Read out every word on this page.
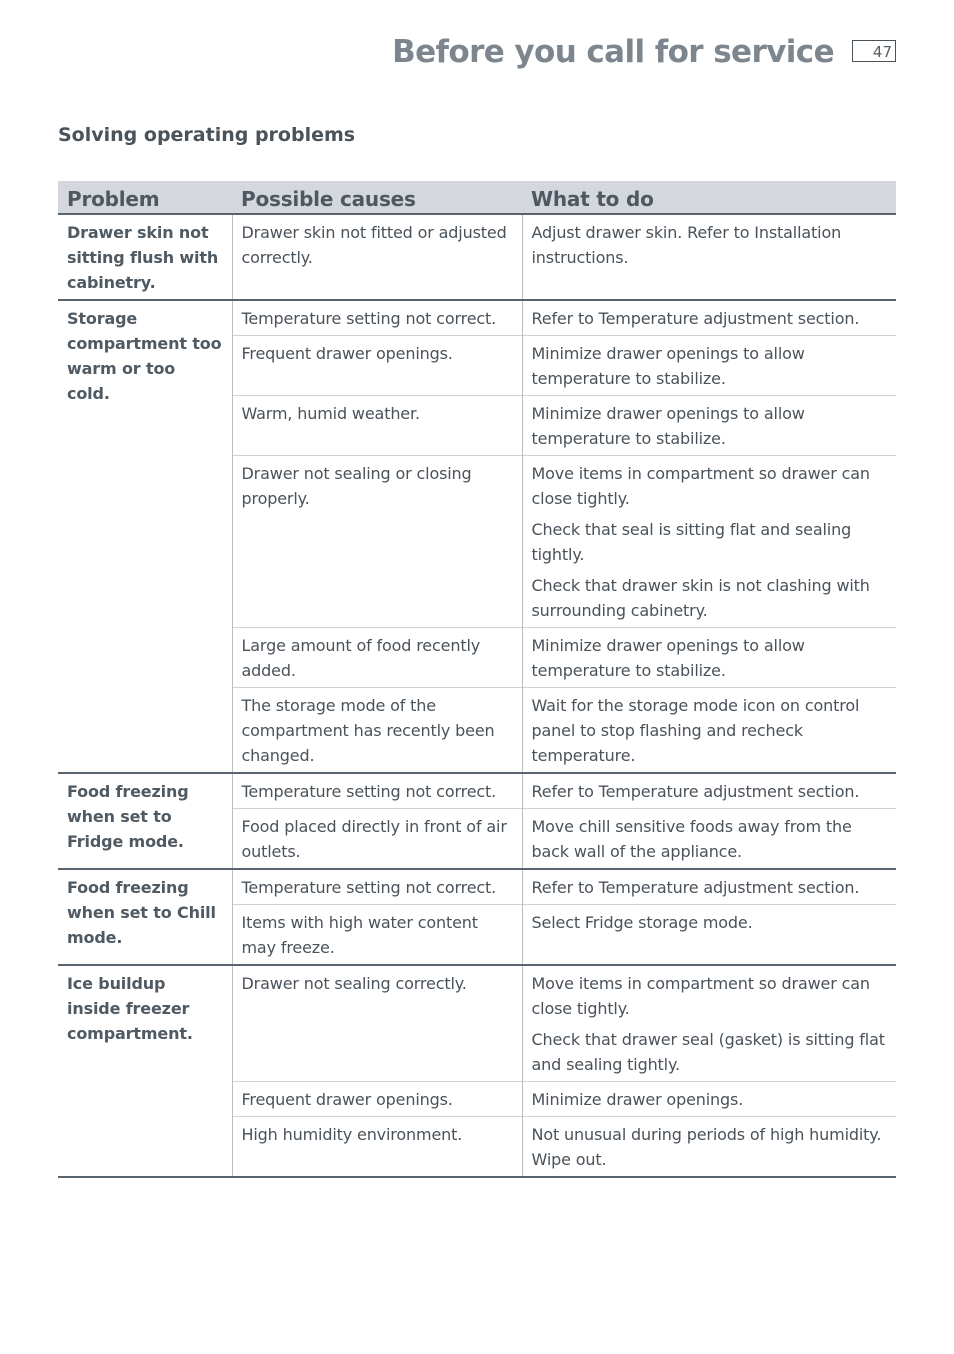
Before you call for service	47
Solving operating problems
Problem	Possible causes	What to do
Drawer skin not sitting flush with cabinetry.	Drawer skin not fitted or adjusted correctly.	Adjust drawer skin. Refer to Installation instructions.

Storage compartment too warm or too cold.	Temperature setting not correct.	Refer to Temperature adjustment section.

	Frequent drawer openings.	Minimize drawer openings to allow temperature to stabilize.

	Warm, humid weather.	Minimize drawer openings to allow temperature to stabilize.

	Drawer not sealing or closing properly.	Move items in compartment so drawer can close tightly.
Check that seal is sitting flat and sealing tightly.
Check that drawer skin is not clashing with surrounding cabinetry.

	Large amount of food recently added.	Minimize drawer openings to allow temperature to stabilize.

	The storage mode of the compartment has recently been changed.	Wait for the storage mode icon on control panel to stop flashing and recheck temperature.

Food freezing when set to Fridge mode.	Temperature setting not correct.	Refer to Temperature adjustment section.

	Food placed directly in front of air outlets.	Move chill sensitive foods away from the back wall of the appliance.

Food freezing when set to Chill mode.	Temperature setting not correct.	Refer to Temperature adjustment section.

	Items with high water content may freeze.	Select Fridge storage mode.

Ice buildup inside freezer compartment.	Drawer not sealing correctly.	Move items in compartment so drawer can close tightly.
Check that drawer seal (gasket) is sitting flat and sealing tightly.

	Frequent drawer openings.	Minimize drawer openings.

	High humidity environment.	Not unusual during periods of high humidity. Wipe out.
